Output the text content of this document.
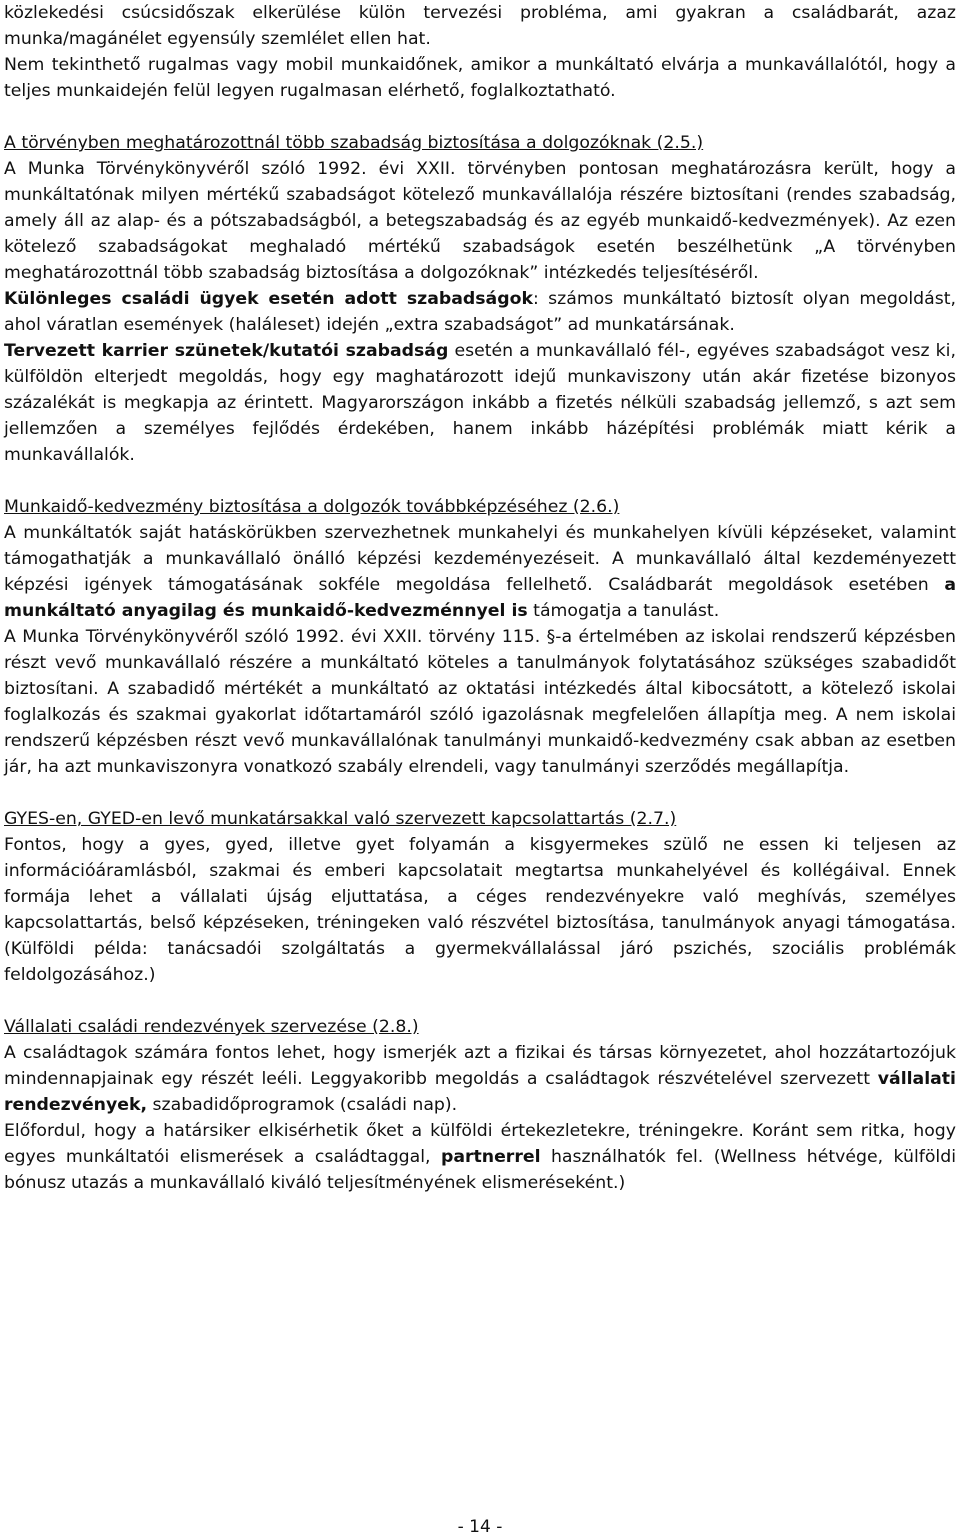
közlekedési csúcsidőszak elkerülése külön tervezési probléma, ami gyakran a családbarát, azaz munka/magánélet egyensúly szemlélet ellen hat.

Nem tekinthető rugalmas vagy mobil munkaidőnek, amikor a munkáltató elvárja a munkavállalótól, hogy a teljes munkaidején felül legyen rugalmasan elérhető, foglalkoztatható.

A törvényben meghatározottnál több szabadság biztosítása a dolgozóknak (2.5.)

A Munka Törvénykönyvéről szóló 1992. évi XXII. törvényben pontosan meghatározásra került, hogy a munkáltatónak milyen mértékű szabadságot kötelező munkavállalója részére biztosítani (rendes szabadság, amely áll az alap- és a pótszabadságból, a betegszabadság és az egyéb munkaidő-kedvezmények). Az ezen kötelező szabadságokat meghaladó mértékű szabadságok esetén beszélhetünk „A törvényben meghatározottnál több szabadság biztosítása a dolgozóknak” intézkedés teljesítéséről.

Különleges családi ügyek esetén adott szabadságok: számos munkáltató biztosít olyan megoldást, ahol váratlan események (haláleset) idején „extra szabadságot” ad munkatársának.

Tervezett karrier szünetek/kutatói szabadság esetén a munkavállaló fél-, egyéves szabadságot vesz ki, külföldön elterjedt megoldás, hogy egy maghatározott idejű munkaviszony után akár fizetése bizonyos százalékát is megkapja az érintett. Magyarországon inkább a fizetés nélküli szabadság jellemző, s azt sem jellemzően a személyes fejlődés érdekében, hanem inkább házépítési problémák miatt kérik a munkavállalók.

Munkaidő-kedvezmény biztosítása a dolgozók továbbképzéséhez (2.6.)

A munkáltatók saját hatáskörükben szervezhetnek munkahelyi és munkahelyen kívüli képzéseket, valamint támogathatják a munkavállaló önálló képzési kezdeményezéseit. A munkavállaló által kezdeményezett képzési igények támogatásának sokféle megoldása fellelhető. Családbarát megoldások esetében a munkáltató anyagilag és munkaidő-kedvezménnyel is támogatja a tanulást.

A Munka Törvénykönyvéről szóló 1992. évi XXII. törvény 115. §-a értelmében az iskolai rendszerű képzésben részt vevő munkavállaló részére a munkáltató köteles a tanulmányok folytatásához szükséges szabadidőt biztosítani. A szabadidő mértékét a munkáltató az oktatási intézkedés által kibocsátott, a kötelező iskolai foglalkozás és szakmai gyakorlat időtartamáról szóló igazolásnak megfelelően állapítja meg. A nem iskolai rendszerű képzésben részt vevő munkavállalónak tanulmányi munkaidő-kedvezmény csak abban az esetben jár, ha azt munkaviszonyra vonatkozó szabály elrendeli, vagy tanulmányi szerződés megállapítja.

GYES-en, GYED-en levő munkatársakkal való szervezett kapcsolattartás (2.7.)

Fontos, hogy a gyes, gyed, illetve gyet folyamán a kisgyermekes szülő ne essen ki teljesen az információáramlásból, szakmai és emberi kapcsolatait megtartsa munkahelyével és kollégáival. Ennek formája lehet a vállalati újság eljuttatása, a céges rendezvényekre való meghívás, személyes kapcsolattartás, belső képzéseken, tréningeken való részvétel biztosítása, tanulmányok anyagi támogatása. (Külföldi példa: tanácsadói szolgáltatás a gyermekvállalással járó pszichés, szociális problémák feldolgozásához.)

Vállalati családi rendezvények szervezése (2.8.)

A családtagok számára fontos lehet, hogy ismerjék azt a fizikai és társas környezetet, ahol hozzátartozójuk mindennapjainak egy részét leéli. Leggyakoribb megoldás a családtagok részvételével szervezett vállalati rendezvények, szabadidőprogramok (családi nap).

Előfordul, hogy a határsiker elkisérhetik őket a külföldi értekezletekre, tréningekre. Koránt sem ritka, hogy egyes munkáltatói elismerések a családtaggal, partnerrel használhatók fel. (Wellness hétvége, külföldi bónusz utazás a munkavállaló kiváló teljesítményének elismeréseként.)

- 14 -
